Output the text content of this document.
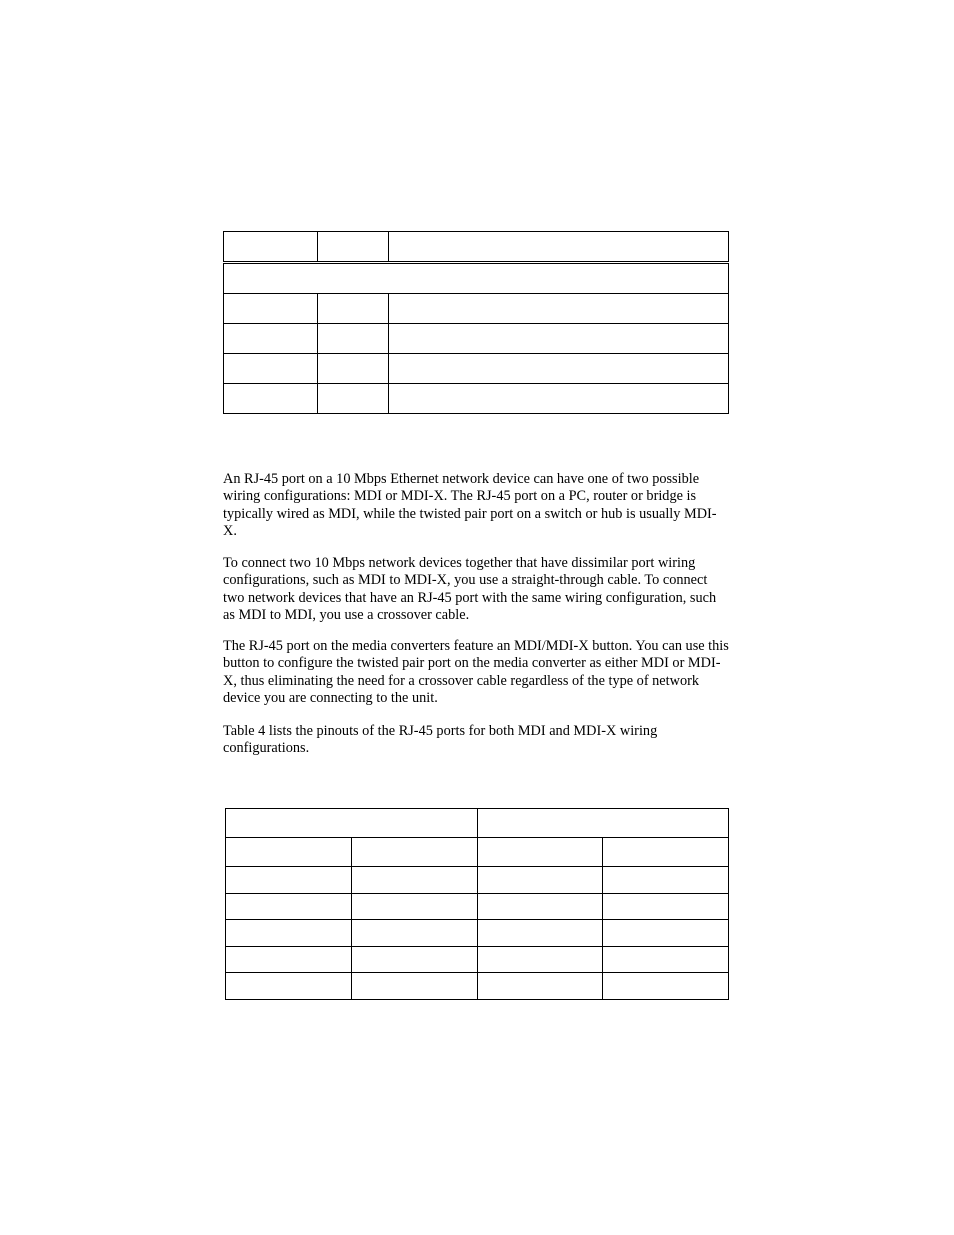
An RJ-45 port on a 10 Mbps Ethernet network device can have one of two possible wiring configurations: MDI or MDI-X. The RJ-45 port on a PC, router or bridge is typically wired as MDI, while the twisted pair port on a switch or hub is usually MDI-X.

To connect two 10 Mbps network devices together that have dissimilar port wiring configurations, such as MDI to MDI-X, you use a straight-through cable. To connect two network devices that have an RJ-45 port with the same wiring configuration, such as MDI to MDI, you use a crossover cable.

The RJ-45 port on the media converters feature an MDI/MDI-X button. You can use this button to configure the twisted pair port on the media converter as either MDI or MDI-X, thus eliminating the need for a crossover cable regardless of the type of network device you are connecting to the unit.

Table 4 lists the pinouts of the RJ-45 ports for both MDI and MDI-X wiring configurations.
